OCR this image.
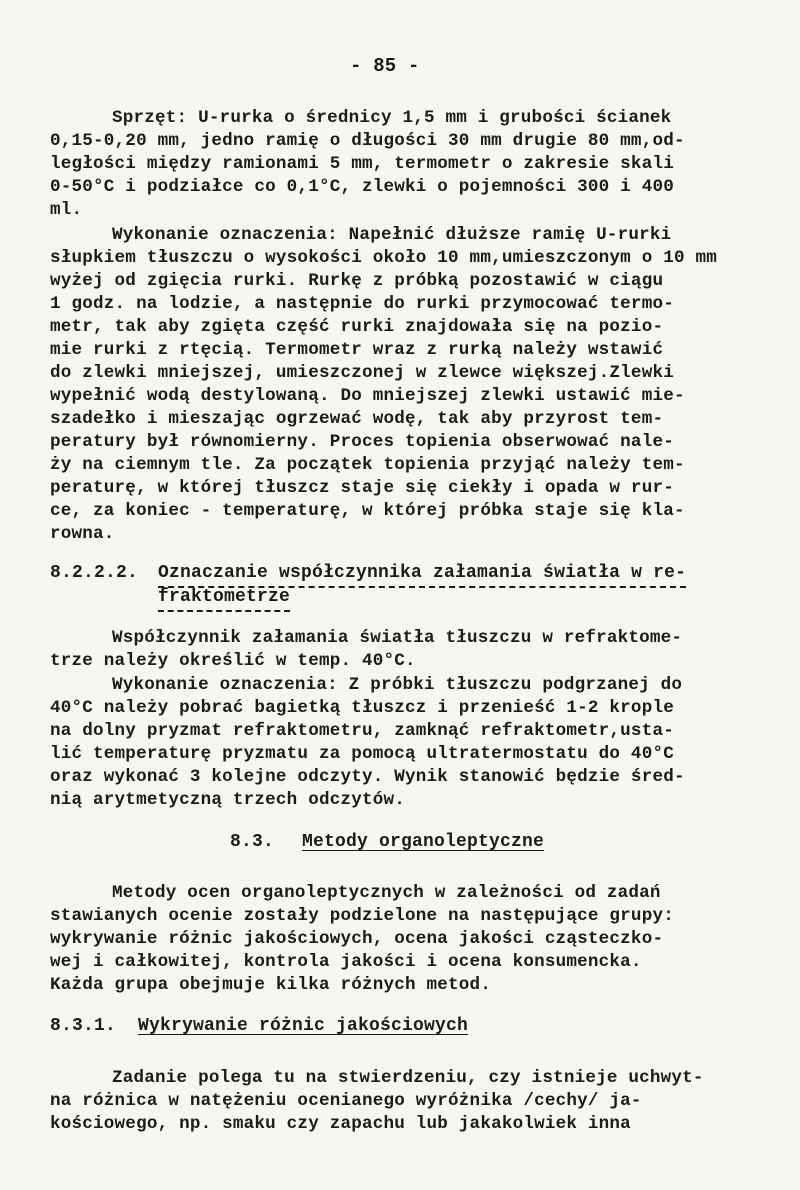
- 85 -
Sprzęt: U-rurka o średnicy 1,5 mm i grubości ścianek
0,15-0,20 mm, jedno ramię o długości 30 mm drugie 80 mm,od-
ległości między ramionami 5 mm, termometr o zakresie skali
0-50°C i podziałce co 0,1°C, zlewki o pojemności 300 i 400
ml.
Wykonanie oznaczenia: Napełnić dłuższe ramię U-rurki
słupkiem tłuszczu o wysokości około 10 mm,umieszczonym o 10 mm
wyżej od zgięcia rurki. Rurkę z próbką pozostawić w ciągu
1 godz. na lodzie, a następnie do rurki przymocować termo-
metr, tak aby zgięta część rurki znajdowała się na pozio-
mie rurki z rtęcią. Termometr wraz z rurką należy wstawić
do zlewki mniejszej, umieszczonej w zlewce większej.Zlewki
wypełnić wodą destylowaną. Do mniejszej zlewki ustawić mie-
szadełko i mieszając ogrzewać wodę, tak aby przyrost tem-
peratury był równomierny. Proces topienia obserwować nale-
ży na ciemnym tle. Za początek topienia przyjąć należy tem-
peraturę, w której tłuszcz staje się ciekły i opada w rur-
ce, za koniec - temperaturę, w której próbka staje się kla-
rowna.
8.2.2.2. Oznaczanie współczynnika załamania światła w re-
fraktometrze
Współczynnik załamania światła tłuszczu w refraktome-
trze należy określić w temp. 40°C.
Wykonanie oznaczenia: Z próbki tłuszczu podgrzanej do
40°C należy pobrać bagietką tłuszcz i przenieść 1-2 krople
na dolny pryzmat refraktometru, zamknąć refraktometr,usta-
lić temperaturę pryzmatu za pomocą ultratermostatu do 40°C
oraz wykonać 3 kolejne odczyty. Wynik stanowić będzie śred-
nią arytmetyczną trzech odczytów.
8.3. Metody organoleptyczne
Metody ocen organoleptycznych w zależności od zadań
stawianych ocenie zostały podzielone na następujące grupy:
wykrywanie różnic jakościowych, ocena jakości cząsteczko-
wej i całkowitej, kontrola jakości i ocena konsumencka.
Każda grupa obejmuje kilka różnych metod.
8.3.1. Wykrywanie różnic jakościowych
Zadanie polega tu na stwierdzeniu, czy istnieje uchwyt-
na różnica w natężeniu ocenianego wyróżnika /cechy/ ja-
kościowego, np. smaku czy zapachu lub jakakolwiek inna
